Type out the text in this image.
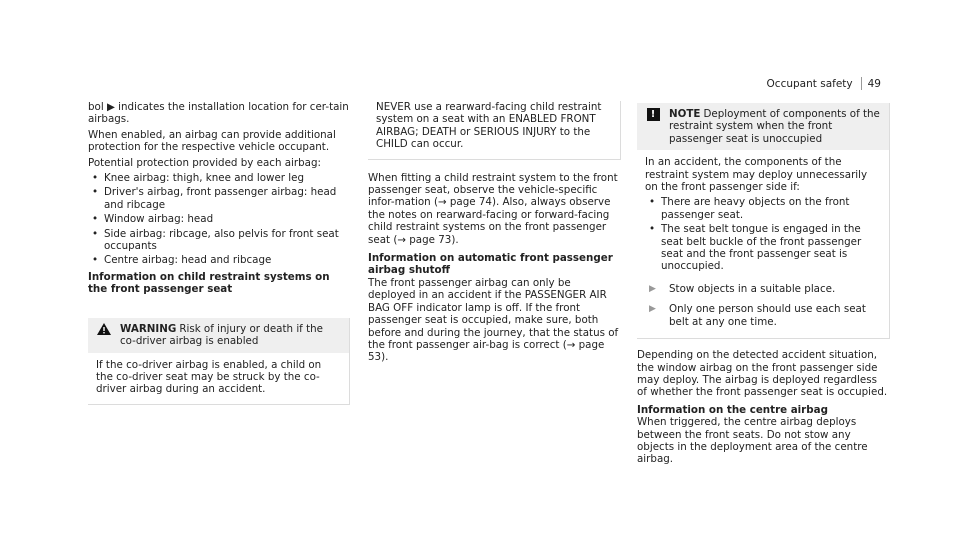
Occupant safety 49

bol ▶ indicates the installation location for cer-tain airbags.

When enabled, an airbag can provide additional protection for the respective vehicle occupant.

Potential protection provided by each airbag:

• Knee airbag: thigh, knee and lower leg
• Driver's airbag, front passenger airbag: head and ribcage
• Window airbag: head
• Side airbag: ribcage, also pelvis for front seat occupants
• Centre airbag: head and ribcage

Information on child restraint systems on the front passenger seat

WARNING Risk of injury or death if the co-driver airbag is enabled
If the co-driver airbag is enabled, a child on the co-driver seat may be struck by the co-driver airbag during an accident.
NEVER use a rearward-facing child restraint system on a seat with an ENABLED FRONT AIRBAG; DEATH or SERIOUS INJURY to the CHILD can occur.

When fitting a child restraint system to the front passenger seat, observe the vehicle-specific infor-mation (→ page 74). Also, always observe the notes on rearward-facing or forward-facing child restraint systems on the front passenger seat (→ page 73).

Information on automatic front passenger airbag shutoff

The front passenger airbag can only be deployed in an accident if the PASSENGER AIR BAG OFF indicator lamp is off. If the front passenger seat is occupied, make sure, both before and during the journey, that the status of the front passenger air-bag is correct (→ page 53).

!	NOTE Deployment of components of the restraint system when the front passenger seat is unoccupied

In an accident, the components of the restraint system may deploy unnecessarily on the front passenger side if:

• There are heavy objects on the front passenger seat.
• The seat belt tongue is engaged in the seat belt buckle of the front passenger seat and the front passenger seat is unoccupied.
▶	Stow objects in a suitable place.
▶	Only one person should use each seat belt at any one time.

Depending on the detected accident situation, the window airbag on the front passenger side may deploy. The airbag is deployed regardless of whether the front passenger seat is occupied.

Information on the centre airbag

When triggered, the centre airbag deploys between the front seats. Do not stow any objects in the deployment area of the centre airbag.
